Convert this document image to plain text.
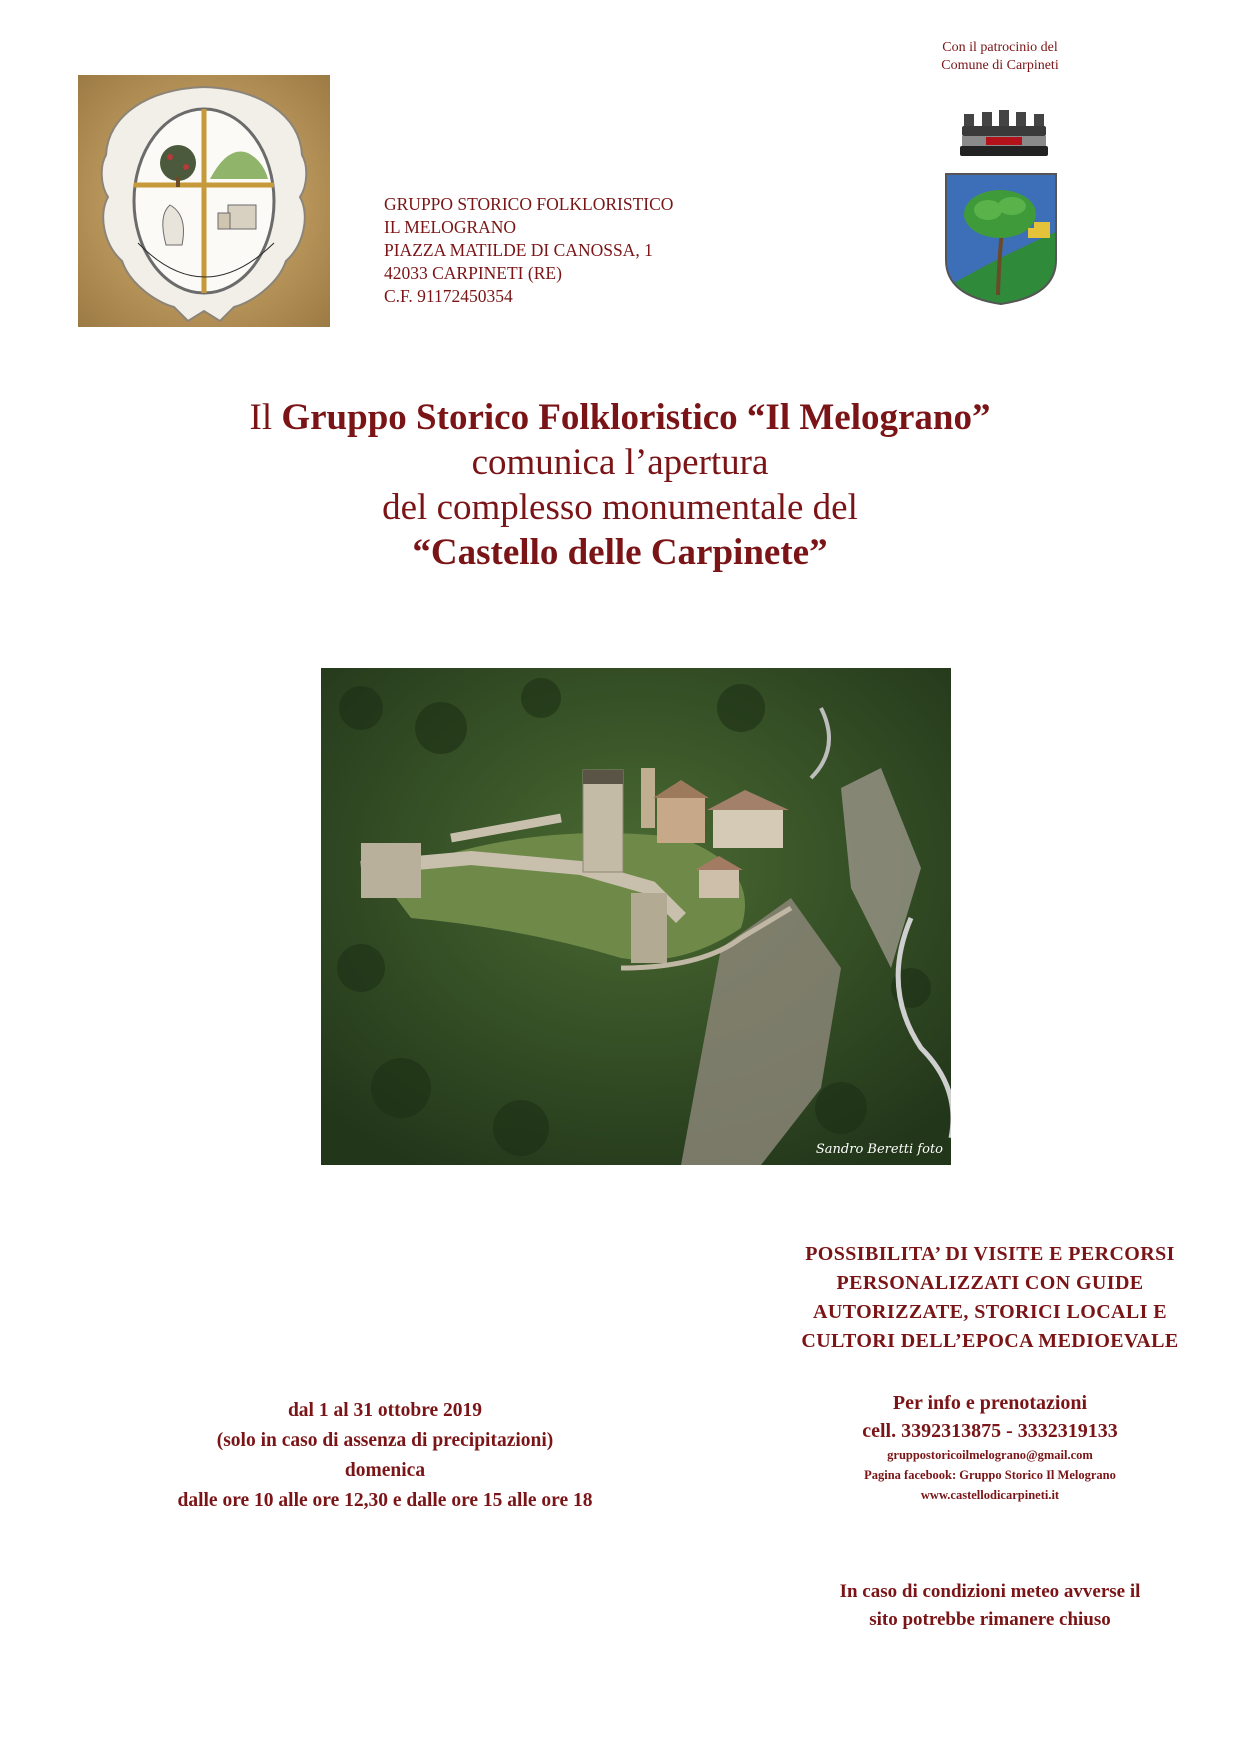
GRUPPO STORICO FOLKLORISTICO
IL MELOGRANO
PIAZZA MATILDE DI CANOSSA, 1
42033 CARPINETI (RE)
C.F. 91172450354
Con il patrocinio del
Comune di Carpineti
Il Gruppo Storico Folkloristico “Il Melograno”
comunica l’apertura
del complesso monumentale del
“Castello delle Carpinete”
Sandro Beretti foto
POSSIBILITA’ DI VISITE E PERCORSI
PERSONALIZZATI CON GUIDE
AUTORIZZATE, STORICI LOCALI E
CULTORI DELL’EPOCA MEDIOEVALE
Per info e prenotazioni
cell. 3392313875 - 3332319133
gruppostoricoilmelograno@gmail.com
Pagina facebook: Gruppo Storico Il Melograno
www.castellodicarpineti.it
dal 1 al 31 ottobre 2019
(solo in caso di assenza di precipitazioni)
domenica
dalle ore 10 alle ore 12,30 e dalle ore 15 alle ore 18
In caso di condizioni meteo avverse il
sito potrebbe rimanere chiuso
